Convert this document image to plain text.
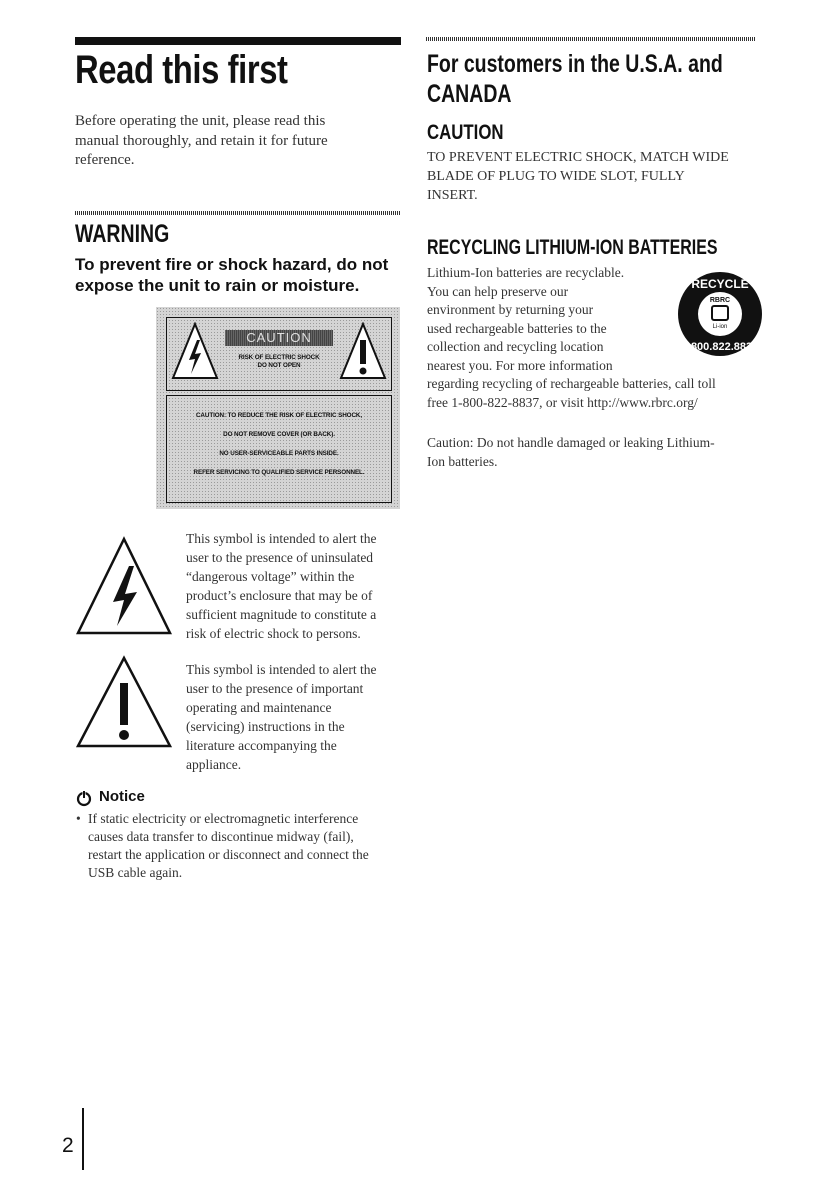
Read this first
Before operating the unit, please read this
manual thoroughly, and retain it for future
reference.
WARNING
To prevent fire or shock hazard, do not
expose the unit to rain or moisture.
CAUTION
RISK OF ELECTRIC SHOCK
DO NOT OPEN
CAUTION: TO REDUCE THE RISK OF ELECTRIC SHOCK,
DO NOT REMOVE COVER (OR BACK).
NO USER-SERVICEABLE PARTS INSIDE.
REFER SERVICING TO QUALIFIED SERVICE PERSONNEL.
This symbol is intended to alert the
user to the presence of uninsulated
“dangerous voltage” within the
product’s enclosure that may be of
sufficient magnitude to constitute a
risk of electric shock to persons.
This symbol is intended to alert the
user to the presence of important
operating and maintenance
(servicing) instructions in the
literature accompanying the
appliance.
Notice
• If static electricity or electromagnetic interference
causes data transfer to discontinue midway (fail),
restart the application or disconnect and connect the
USB cable again.
For customers in the U.S.A. and
CANADA
CAUTION
TO PREVENT ELECTRIC SHOCK, MATCH WIDE
BLADE OF PLUG TO WIDE SLOT, FULLY
INSERT.
RECYCLING LITHIUM-ION BATTERIES
Lithium-Ion batteries are recyclable.
You can help preserve our
environment by returning your
used rechargeable batteries to the
collection and recycling location
nearest you. For more information
regarding recycling of rechargeable batteries, call toll
free 1-800-822-8837, or visit http://www.rbrc.org/
RECYCLE
RBRC
Li-ion
1.800.822.8837
Caution: Do not handle damaged or leaking Lithium-
Ion batteries.
2
